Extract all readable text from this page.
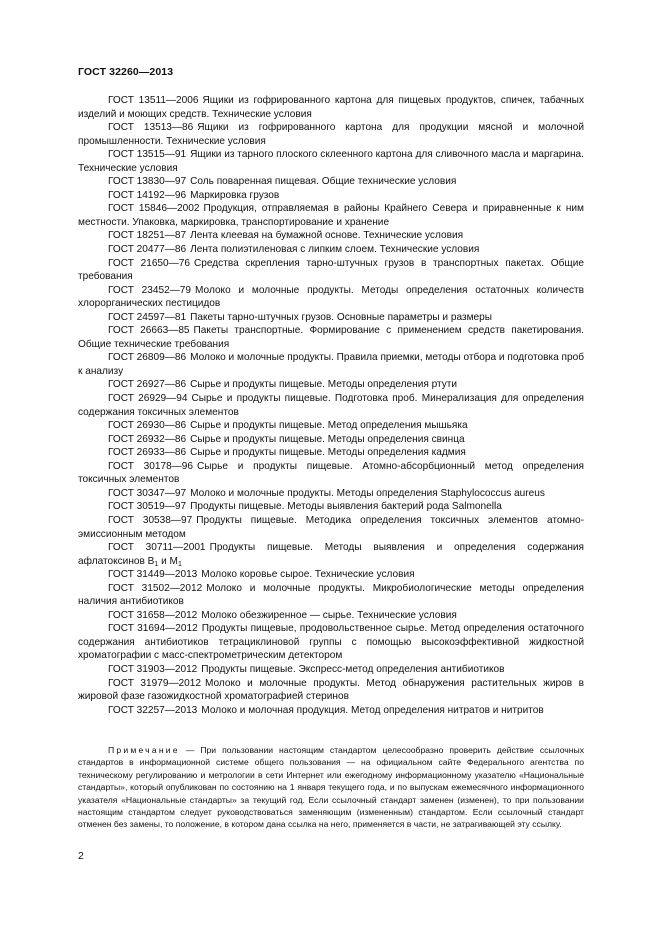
ГОСТ 32260—2013

ГОСТ 13511—2006 Ящики из гофрированного картона для пищевых продуктов, спичек, табачных изделий и моющих средств. Технические условия

ГОСТ 13513—86 Ящики из гофрированного картона для продукции мясной и молочной промышленности. Технические условия

ГОСТ 13515—91 Ящики из тарного плоского склеенного картона для сливочного масла и маргарина. Технические условия

ГОСТ 13830—97 Соль поваренная пищевая. Общие технические условия

ГОСТ 14192—96 Маркировка грузов

ГОСТ 15846—2002 Продукция, отправляемая в районы Крайнего Севера и приравненные к ним местности. Упаковка, маркировка, транспортирование и хранение

ГОСТ 18251—87 Лента клеевая на бумажной основе. Технические условия

ГОСТ 20477—86 Лента полиэтиленовая с липким слоем. Технические условия

ГОСТ 21650—76 Средства скрепления тарно-штучных грузов в транспортных пакетах. Общие требования

ГОСТ 23452—79 Молоко и молочные продукты. Методы определения остаточных количеств хлорорганических пестицидов

ГОСТ 24597—81 Пакеты тарно-штучных грузов. Основные параметры и размеры

ГОСТ 26663—85 Пакеты транспортные. Формирование с применением средств пакетирования. Общие технические требования

ГОСТ 26809—86 Молоко и молочные продукты. Правила приемки, методы отбора и подготовка проб к анализу

ГОСТ 26927—86 Сырье и продукты пищевые. Методы определения ртути

ГОСТ 26929—94 Сырье и продукты пищевые. Подготовка проб. Минерализация для определения содержания токсичных элементов

ГОСТ 26930—86 Сырье и продукты пищевые. Метод определения мышьяка

ГОСТ 26932—86 Сырье и продукты пищевые. Методы определения свинца

ГОСТ 26933—86 Сырье и продукты пищевые. Методы определения кадмия

ГОСТ 30178—96 Сырье и продукты пищевые. Атомно-абсорбционный метод определения токсичных элементов

ГОСТ 30347—97 Молоко и молочные продукты. Методы определения Staphylococcus aureus

ГОСТ 30519—97 Продукты пищевые. Методы выявления бактерий рода Salmonella

ГОСТ 30538—97 Продукты пищевые. Методика определения токсичных элементов атомно-эмиссионным методом

ГОСТ 30711—2001 Продукты пищевые. Методы выявления и определения содержания афлатоксинов $B_1$ и $M_1$

ГОСТ 31449—2013 Молоко коровье сырое. Технические условия

ГОСТ 31502—2012 Молоко и молочные продукты. Микробиологические методы определения наличия антибиотиков

ГОСТ 31658—2012 Молоко обезжиренное — сырье. Технические условия

ГОСТ 31694—2012 Продукты пищевые, продовольственное сырье. Метод определения остаточного содержания антибиотиков тетрациклиновой группы с помощью высокоэффективной жидкостной хроматографии с масс-спектрометрическим детектором

ГОСТ 31903—2012 Продукты пищевые. Экспресс-метод определения антибиотиков

ГОСТ 31979—2012 Молоко и молочные продукты. Метод обнаружения растительных жиров в жировой фазе газожидкостной хроматографией стеринов

ГОСТ 32257—2013 Молоко и молочная продукция. Метод определения нитратов и нитритов

Примечание — При пользовании настоящим стандартом целесообразно проверить действие ссылочных стандартов в информационной системе общего пользования — на официальном сайте Федерального агентства по техническому регулированию и метрологии в сети Интернет или ежегодному информационному указателю «Национальные стандарты», который опубликован по состоянию на 1 января текущего года, и по выпускам ежемесячного информационного указателя «Национальные стандарты» за текущий год. Если ссылочный стандарт заменен (изменен), то при пользовании настоящим стандартом следует руководствоваться заменяющим (измененным) стандартом. Если ссылочный стандарт отменен без замены, то положение, в котором дана ссылка на него, применяется в части, не затрагивающей эту ссылку.

2
